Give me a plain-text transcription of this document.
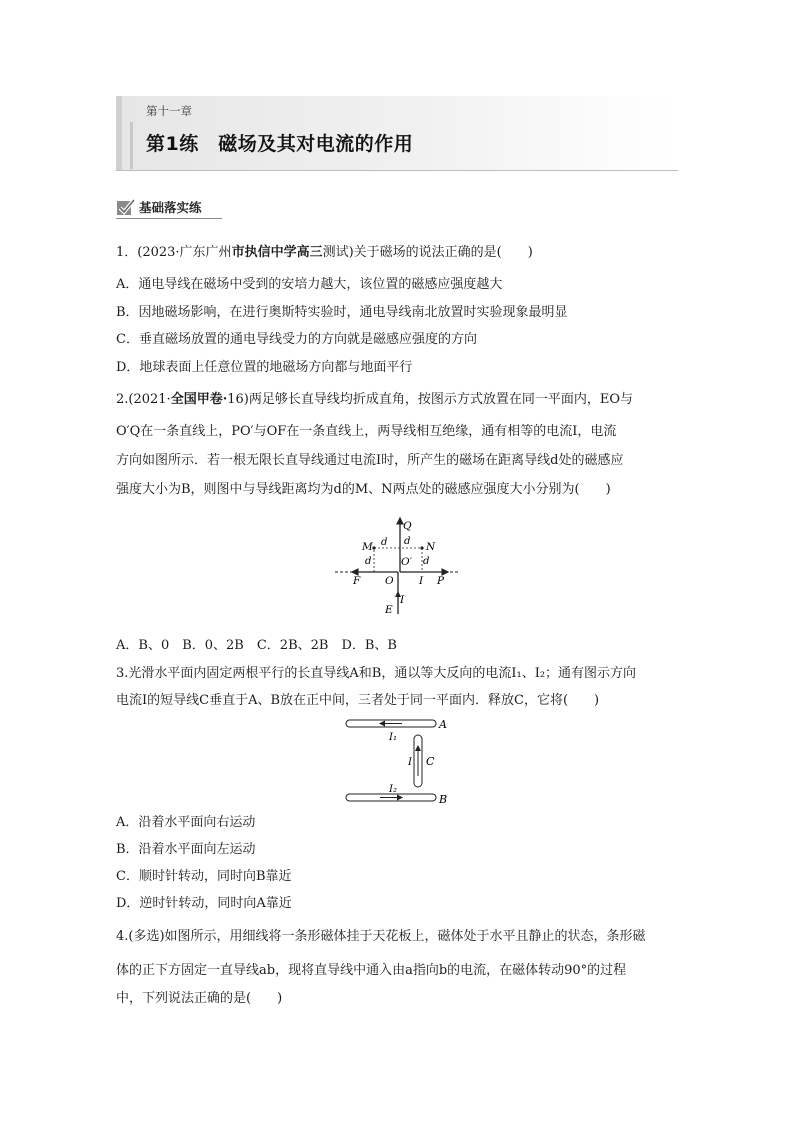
第十一章
第1练　磁场及其对电流的作用
基础落实练
1．(2023·广东广州市执信中学高三测试)关于磁场的说法正确的是(　　)
A．通电导线在磁场中受到的安培力越大，该位置的磁感应强度越大
B．因地磁场影响，在进行奥斯特实验时，通电导线南北放置时实验现象最明显
C．垂直磁场放置的通电导线受力的方向就是磁感应强度的方向
D．地球表面上任意位置的地磁场方向都与地面平行
2.(2021·全国甲卷·16)两足够长直导线均折成直角，按图示方式放置在同一平面内，EO与
O′Q在一条直线上，PO′与OF在一条直线上，两导线相互绝缘，通有相等的电流I，电流
方向如图所示．若一根无限长直导线通过电流I时，所产生的磁场在距离导线d处的磁感应
强度大小为B，则图中与导线距离均为d的M、N两点处的磁感应强度大小分别为(　　)
Q
d d
M	N
d	O′ d
F O I P
I
E
A．B、0　B．0、2B　C．2B、2B　D．B、B
3.光滑水平面内固定两根平行的长直导线A和B，通以等大反向的电流I₁、I₂；通有图示方向
电流I的短导线C垂直于A、B放在正中间，三者处于同一平面内．释放C，它将(　　)
A
B
I₁
I₂
I C
A．沿着水平面向右运动
B．沿着水平面向左运动
C．顺时针转动，同时向B靠近
D．逆时针转动，同时向A靠近
4.(多选)如图所示，用细线将一条形磁体挂于天花板上，磁体处于水平且静止的状态，条形磁
体的正下方固定一直导线ab，现将直导线中通入由a指向b的电流，在磁体转动90°的过程
中，下列说法正确的是(　　)
